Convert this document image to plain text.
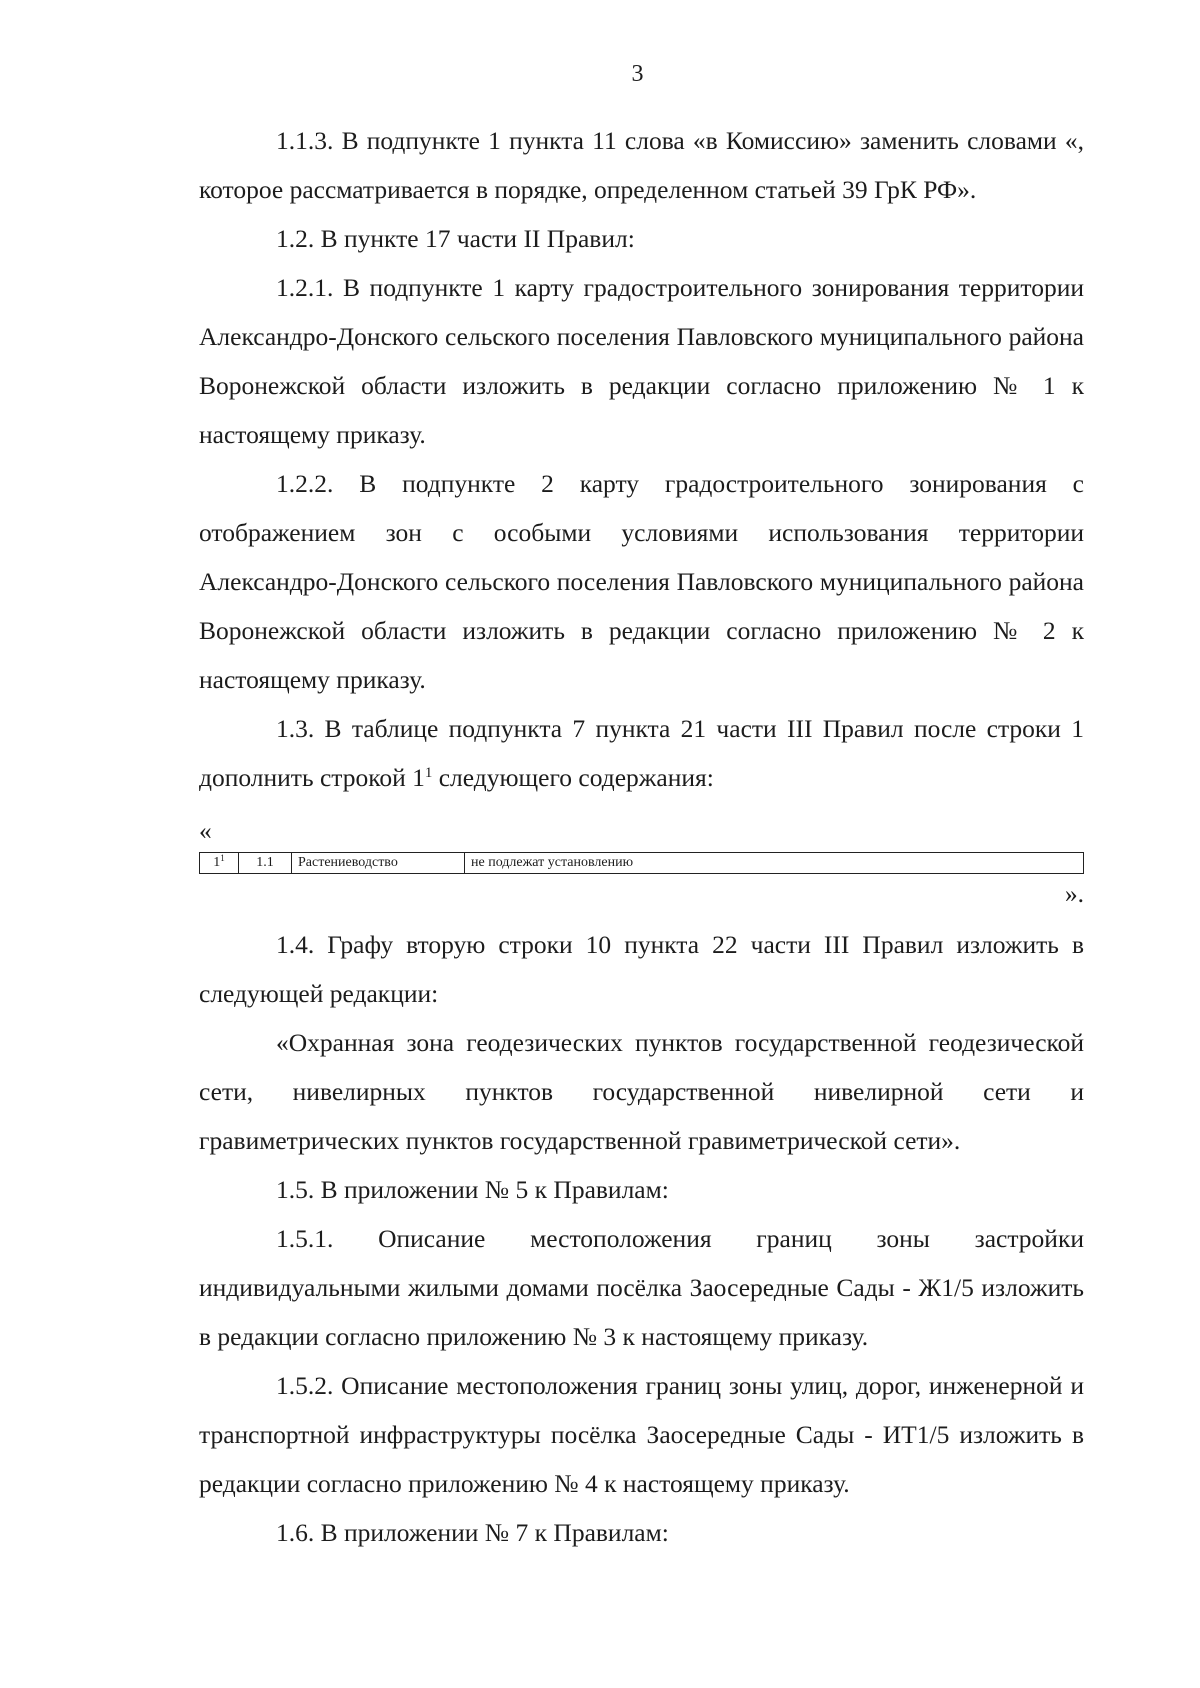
3

1.1.3. В подпункте 1 пункта 11 слова «в Комиссию» заменить словами «, которое рассматривается в порядке, определенном статьей 39 ГрК РФ».

1.2. В пункте 17 части II Правил:

1.2.1. В подпункте 1 карту градостроительного зонирования территории Александро-Донского сельского поселения Павловского муниципального района Воронежской области изложить в редакции согласно приложению № 1 к настоящему приказу.

1.2.2. В подпункте 2 карту градостроительного зонирования с отображением зон с особыми условиями использования территории Александро-Донского сельского поселения Павловского муниципального района Воронежской области изложить в редакции согласно приложению № 2 к настоящему приказу.

1.3. В таблице подпункта 7 пункта 21 части III Правил после строки 1 дополнить строкой $1^1$ следующего содержания:

«

$1^1$	1.1	Растениеводство	не подлежат установлению

».

1.4. Графу вторую строки 10 пункта 22 части III Правил изложить в следующей редакции:

«Охранная зона геодезических пунктов государственной геодезической сети, нивелирных пунктов государственной нивелирной сети и гравиметрических пунктов государственной гравиметрической сети».

1.5. В приложении № 5 к Правилам:

1.5.1. Описание местоположения границ зоны застройки индивидуальными жилыми домами посёлка Заосередные Сады - Ж1/5 изложить в редакции согласно приложению № 3 к настоящему приказу.

1.5.2. Описание местоположения границ зоны улиц, дорог, инженерной и транспортной инфраструктуры посёлка Заосередные Сады - ИТ1/5 изложить в редакции согласно приложению № 4 к настоящему приказу.

1.6. В приложении № 7 к Правилам:
